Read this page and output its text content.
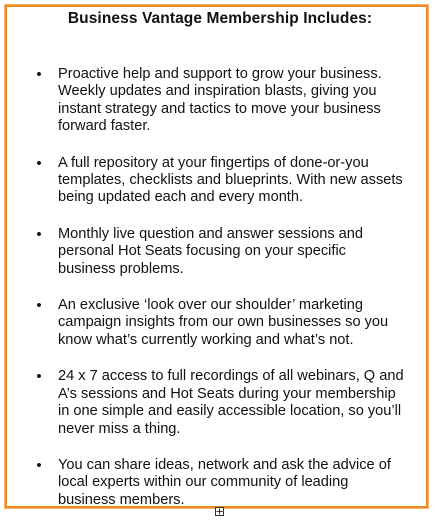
Business Vantage Membership Includes:
• Proactive help and support to grow your business. Weekly updates and inspiration blasts, giving you instant strategy and tactics to move your business forward faster.
• A full repository at your fingertips of done-or-you templates, checklists and blueprints. With new assets being updated each and every month.
• Monthly live question and answer sessions and personal Hot Seats focusing on your specific business problems.
• An exclusive ‘look over our shoulder’ marketing campaign insights from our own businesses so you know what’s currently working and what’s not.
• 24 x 7 access to full recordings of all webinars, Q and A’s sessions and Hot Seats during your membership in one simple and easily accessible location, so you’ll never miss a thing.
• You can share ideas, network and ask the advice of local experts within our community of leading business members.
